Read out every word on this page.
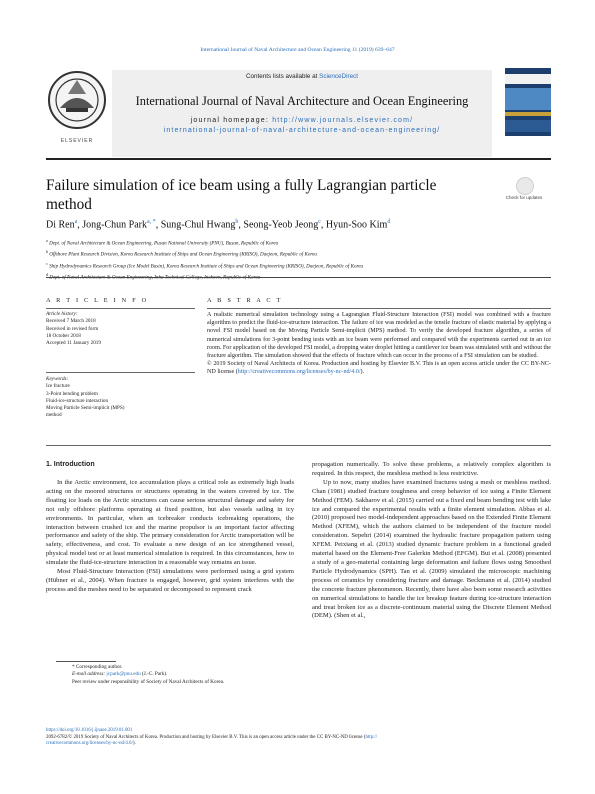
International Journal of Naval Architecture and Ocean Engineering 11 (2019) 639–647
ELSEVIER
Contents lists available at ScienceDirect
International Journal of Naval Architecture and Ocean Engineering
journal homepage: http://www.journals.elsevier.com/
international-journal-of-naval-architecture-and-ocean-engineering/
Failure simulation of ice beam using a fully Lagrangian particle method	Check for updates
Di Ren$^a$, Jong-Chun Park$^{a, *}$, Sung-Chul Hwang$^b$, Seong-Yeob Jeong$^c$, Hyun-Soo Kim$^d$
$^a$ Dept. of Naval Architecture & Ocean Engineering, Pusan National University (PNU), Busan, Republic of Korea
$^b$ Offshore Plant Research Division, Korea Research Institute of Ships and Ocean Engineering (KRISO), Daejeon, Republic of Korea
$^c$ Ship Hydrodynamics Research Group (Ice Model Basin), Korea Research Institute of Ships and Ocean Engineering (KRISO), Daejeon, Republic of Korea
$^d$
A R T I C L E I N F O	A B S T R A C T
Article history:
Received 7 March 2018
Received in revised form
18 October 2018
Accepted 11 January 2019
Keywords:
Ice fracture
3-Point bending problem
Fluid-ice-structure interaction
Moving Particle Semi-implicit (MPS)
method
A realistic numerical simulation technology using a Lagrangian Fluid-Structure Interaction (FSI) model was combined with a fracture algorithm to predict the fluid-ice-structure interaction. The failure of ice was modeled as the tensile fracture of elastic material by applying a novel FSI model based on the Moving Particle Semi-implicit (MPS) method. To verify the developed fracture algorithm, a series of numerical simulations for 3-point bending tests with an ice beam were performed and compared with the experiments carried out in an ice room. For application of the developed FSI model, a dropping water droplet hitting a cantilever ice beam was simulated with and without the fracture algorithm. The simulation showed that the effects of fracture which can occur in the process of a FSI simulation can be studied.
© 2019 Society of Naval Architects of Korea. Production and hosting by Elsevier B.V. This is an open access article under the CC BY-NC-ND license (http://creativecommons.org/licenses/by-nc-nd/4.0/).
1. Introduction

In the Arctic environment, ice accumulation plays a critical role as extremely high loads acting on the moored structures or structures operating in the waters covered by ice. The floating ice loads on the Arctic structures can cause serious structural damage and safety for not only offshore platforms operating at fixed position, but also vessels sailing in icy environments. In particular, when an icebreaker conducts icebreaking operations, the interaction between crushed ice and the marine propulsor is an important factor affecting performance and safety of the ship. The primary consideration for Arctic transportation will be safety, effectiveness, and cost. To evaluate a new design of an ice strengthened vessel, physical model test or at least numerical simulation is required. In this circumstances, how to simulate the fluid-ice-structure interaction in a reasonable way remains an issue.

Most Fluid-Structure Interaction (FSI) simulations were performed using a grid system (Hübner et al., 2004). When fracture is engaged, however, grid system interferes with the process and the meshes need to be separated or decomposed to represent crack

propagation numerically. To solve these problems, a relatively complex algorithm is required. In this respect, the meshless method is less restrictive.

Up to now, many studies have examined fractures using a mesh or meshless method. Chan (1981) studied fracture toughness and creep behavior of ice using a Finite Element Method (FEM). Sakharov et al. (2015) carried out a fixed end beam bending test with lake ice and compared the experimental results with a finite element simulation. Abbas et al. (2010) proposed two model-independent approaches based on the Extended Finite Element Method (XFEM), which the authors claimed to be independent of the fracture model consideration. Sepehri (2014) examined the hydraulic fracture propagation pattern using XFEM. Peixiang et al. (2013) studied dynamic fracture problem in a functional graded material based on the Element-Free Galerkin Method (EFGM). Bui et al. (2008) presented a study of a geo-material containing large deformation and failure flows using Smoothed Particle Hydrodynamics (SPH). Tan et al. (2009) simulated the microscopic machining process of ceramics by considering fracture and damage. Beckmann et al. (2014) studied the concrete fracture phenomenon. Recently, there have also been some research activities on numerical simulations to handle the ice breakup feature during ice-structure interaction and treat broken ice as a discrete-continuum material using the Discrete Element Method (DEM). (Shen et al.,

* Corresponding author.
E-mail address: jcpark@pnu.edu (J.-C. Park).
Peer review under responsibility of Society of Naval Architects of Korea.
https://doi.org/10.1016/j.ijnaoe.2019.01.001
2092-6782/© 2019 Society of Naval Architects of Korea. Production and hosting by Elsevier B.V. This is an open access article under the CC BY-NC-ND license (http://
creativecommons.org/licenses/by-nc-nd/4.0/).
